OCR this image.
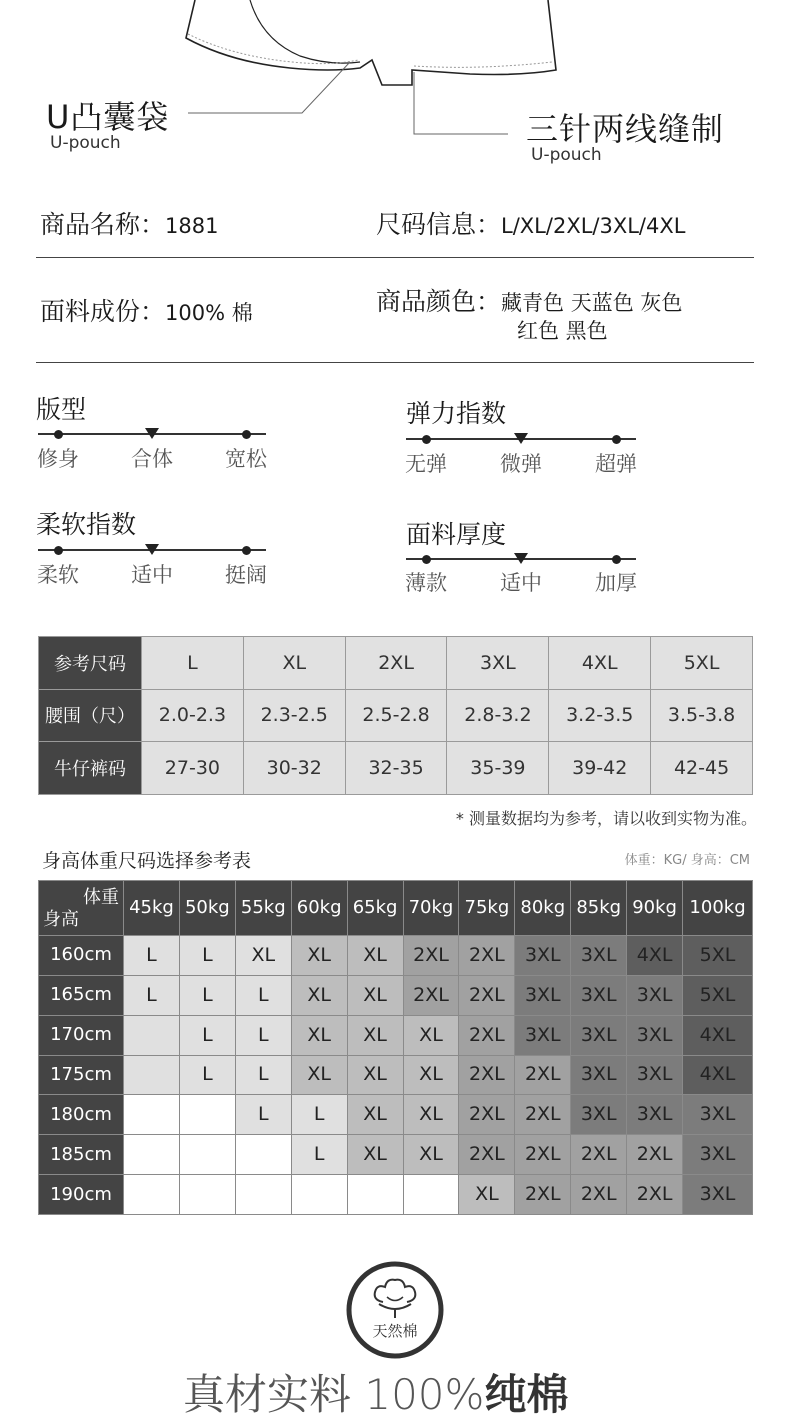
U凸囊袋
U-pouch	三针两线缝制
U-pouch
商品名称：1881	尺码信息：L/XL/2XL/3XL/4XL
面料成份：100% 棉	商品颜色：藏青色 天蓝色 灰色
红色 黑色
版型
修身 合体 宽松
弹力指数
无弹	微弹	超弹
柔软指数
柔软 适中 挺阔
面料厚度
薄款	适中	加厚
参考尺码	L	XL	2XL	3XL	4XL	5XL
腰围（尺）	2.0-2.3	2.3-2.5	2.5-2.8	2.8-3.2	3.2-3.5	3.5-3.8
牛仔裤码	27-30	30-32	32-35	35-39	39-42	42-45
* 测量数据均为参考，请以收到实物为准。
身高体重尺码选择参考表	体重：KG/ 身高：CM
体重
身高	45kg	50kg	55kg	60kg	65kg	70kg	75kg	80kg	85kg	90kg	100kg
160cm	L	L	XL	XL	XL	2XL	2XL	3XL	3XL	4XL	5XL
165cm	L	L	L	XL	XL	2XL	2XL	3XL	3XL	3XL	5XL
170cm		L	L	XL	XL	XL	2XL	3XL	3XL	3XL	4XL
175cm		L	L	XL	XL	XL	2XL	2XL	3XL	3XL	4XL
180cm			L	L	XL	XL	2XL	2XL	3XL	3XL	3XL
185cm				L	XL	XL	2XL	2XL	2XL	2XL	3XL
190cm							XL	2XL	2XL	2XL	3XL
天然棉
真材实料 100%纯棉
